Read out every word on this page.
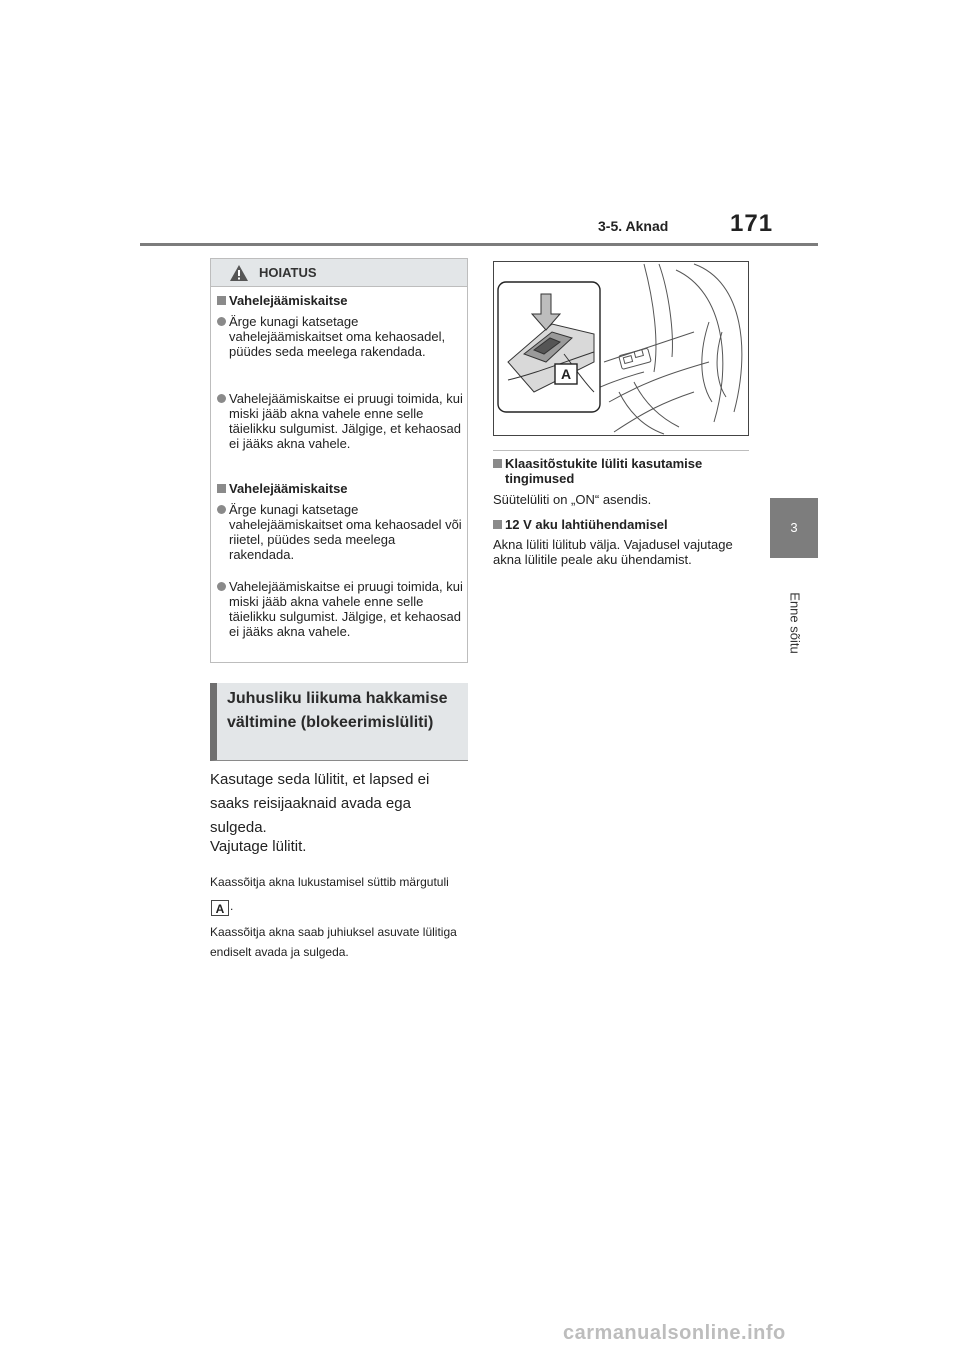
3-5. Aknad	171
3
Enne sõitu
HOIATUS
Vahelejäämiskaitse
Ärge kunagi katsetage vahelejäämiskaitset oma kehaosadel, püüdes seda meelega rakendada.
Vahelejäämiskaitse ei pruugi toimida, kui miski jääb akna vahele enne selle täielikku sulgumist. Jälgige, et kehaosad ei jääks akna vahele.
Vahelejäämiskaitse
Ärge kunagi katsetage vahelejäämiskaitset oma kehaosadel või riietel, püüdes seda meelega rakendada.
Vahelejäämiskaitse ei pruugi toimida, kui miski jääb akna vahele enne selle täielikku sulgumist. Jälgige, et kehaosad ei jääks akna vahele.
Juhusliku liikuma hakkamise vältimine (blokeerimislüliti)
Kasutage seda lülitit, et lapsed ei saaks reisijaaknaid avada ega sulgeda.
Vajutage lülitit.
Kaassõitja akna lukustamisel süttib märgutuli A .
Kaassõitja akna saab juhiuksel asuvate lülitiga endiselt avada ja sulgeda.
A
Klaasitõstukite lüliti kasutamise tingimused
Süütelüliti on „ON“ asendis.
12 V aku lahtiühendamisel
Akna lüliti lülitub välja. Vajadusel vajutage akna lülitile peale aku ühendamist.
carmanualsonline.info
